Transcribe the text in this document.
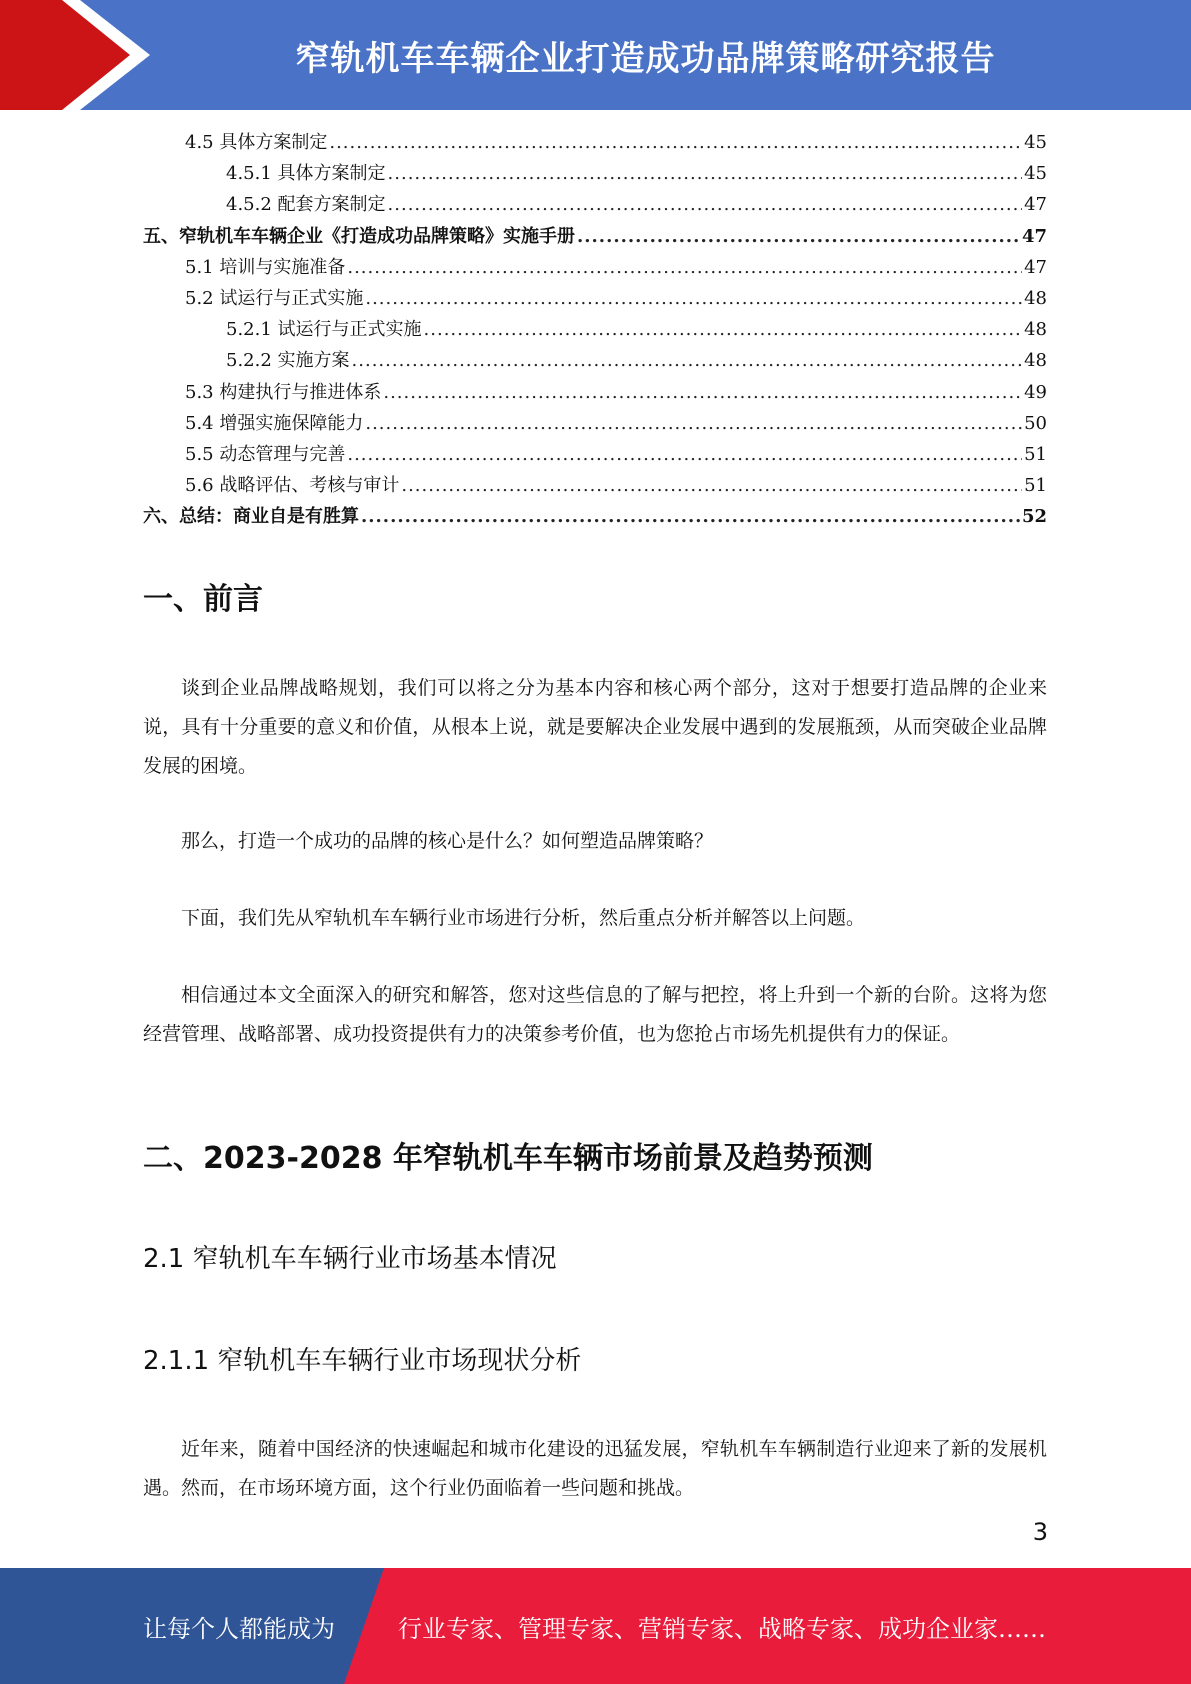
窄轨机车车辆企业打造成功品牌策略研究报告
4.5 具体方案制定 .....	45
4.5.1 具体方案制定 .....	45
4.5.2 配套方案制定 .....	47
五、窄轨机车车辆企业《打造成功品牌策略》实施手册 .....	47
5.1 培训与实施准备 .....	47
5.2 试运行与正式实施 .....	48
5.2.1 试运行与正式实施 .....	48
5.2.2 实施方案 .....	48
5.3 构建执行与推进体系 .....	49
5.4 增强实施保障能力 .....	50
5.5 动态管理与完善 .....	51
5.6 战略评估、考核与审计 .....	51
六、总结：商业自是有胜算 .....	52
一、前言

谈到企业品牌战略规划，我们可以将之分为基本内容和核心两个部分，这对于想要打造品牌的企业来说，具有十分重要的意义和价值，从根本上说，就是要解决企业发展中遇到的发展瓶颈，从而突破企业品牌发展的困境。

那么，打造一个成功的品牌的核心是什么？如何塑造品牌策略？

下面，我们先从窄轨机车车辆行业市场进行分析，然后重点分析并解答以上问题。

相信通过本文全面深入的研究和解答，您对这些信息的了解与把控，将上升到一个新的台阶。这将为您经营管理、战略部署、成功投资提供有力的决策参考价值，也为您抢占市场先机提供有力的保证。

二、2023-2028 年窄轨机车车辆市场前景及趋势预测
2.1 窄轨机车车辆行业市场基本情况
2.1.1 窄轨机车车辆行业市场现状分析

近年来，随着中国经济的快速崛起和城市化建设的迅猛发展，窄轨机车车辆制造行业迎来了新的发展机遇。然而，在市场环境方面，这个行业仍面临着一些问题和挑战。

3
让每个人都能成为	行业专家、管理专家、营销专家、战略专家、成功企业家……
